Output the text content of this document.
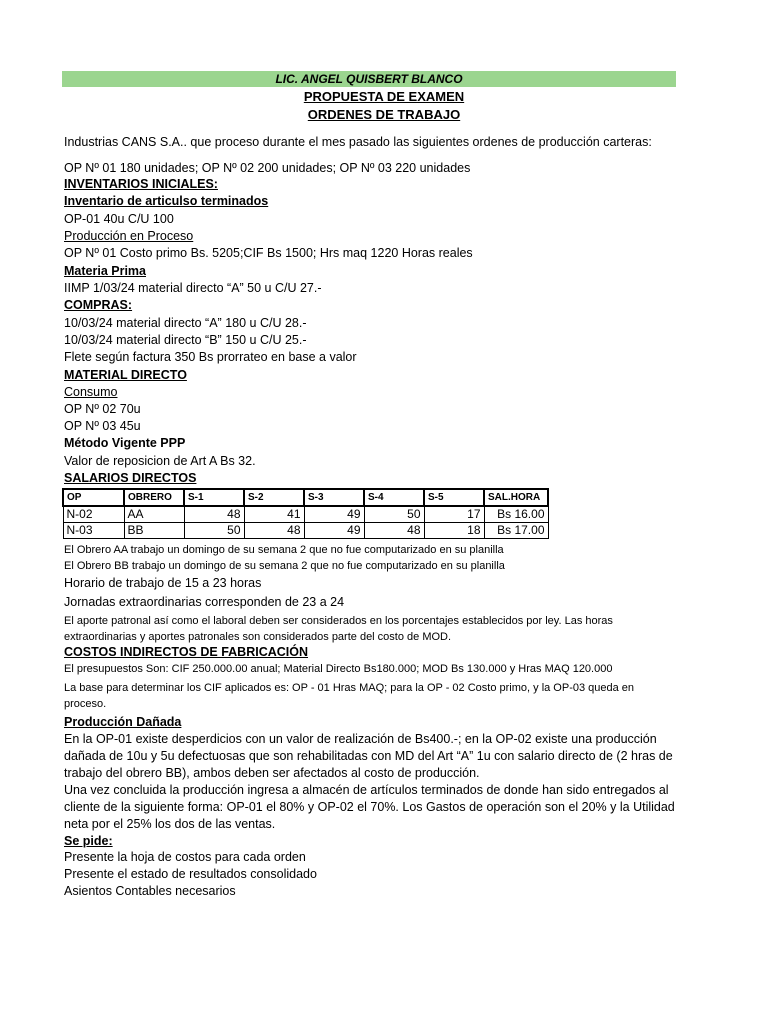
LIC. ANGEL QUISBERT BLANCO
PROPUESTA DE EXAMEN
ORDENES DE TRABAJO
Industrias CANS S.A.. que proceso durante el mes pasado las siguientes ordenes de producción carteras:
OP Nº 01 180 unidades; OP Nº 02 200 unidades; OP Nº 03 220 unidades
INVENTARIOS INICIALES:
Inventario de articulso terminados
OP-01 40u C/U 100
Producción en Proceso
OP Nº 01 Costo primo Bs. 5205;CIF Bs 1500; Hrs maq 1220 Horas reales
Materia Prima
IIMP 1/03/24 material directo “A” 50 u C/U 27.-
COMPRAS:
10/03/24 material directo “A” 180 u C/U 28.-
10/03/24 material directo “B” 150 u C/U 25.-
Flete según factura 350 Bs prorrateo en base a valor
MATERIAL DIRECTO
Consumo
OP Nº 02 70u
OP Nº 03 45u
Método Vigente PPP
Valor de reposicion de Art A Bs 32.
SALARIOS DIRECTOS
OP	OBRERO	S-1	S-2	S-3	S-4	S-5	SAL.HORA
N-02	AA	48	41	49	50	17	Bs 16.00
N-03	BB	50	48	49	48	18	Bs 17.00
El Obrero AA trabajo un domingo de su semana 2 que no fue computarizado en su planilla
El Obrero BB trabajo un domingo de su semana 2 que no fue computarizado en su planilla
Horario de trabajo de 15 a 23 horas
Jornadas extraordinarias corresponden de 23 a 24
El aporte patronal así como el laboral deben ser considerados en los porcentajes establecidos por ley. Las horas extraordinarias y aportes patronales son considerados parte del costo de MOD.
COSTOS INDIRECTOS DE FABRICACIÓN
El presupuestos Son: CIF 250.000.00 anual; Material Directo Bs180.000; MOD Bs 130.000 y Hras MAQ 120.000
La base para determinar los CIF aplicados es: OP - 01 Hras MAQ; para la OP - 02 Costo primo, y la OP-03 queda en proceso.
Producción Dañada
En la OP-01 existe desperdicios con un valor de realización de Bs400.-; en la OP-02 existe una producción dañada de 10u y 5u defectuosas que son rehabilitadas con MD del Art “A” 1u con salario directo de (2 hras de trabajo del obrero BB), ambos deben ser afectados al costo de producción.
Una vez concluida la producción ingresa a almacén de artículos terminados de donde han sido entregados al cliente de la siguiente forma: OP-01 el 80% y OP-02 el 70%. Los Gastos de operación son el 20% y la Utilidad neta por el 25% los dos de las ventas.
Se pide:
Presente la hoja de costos para cada orden
Presente el estado de resultados consolidado
Asientos Contables necesarios
